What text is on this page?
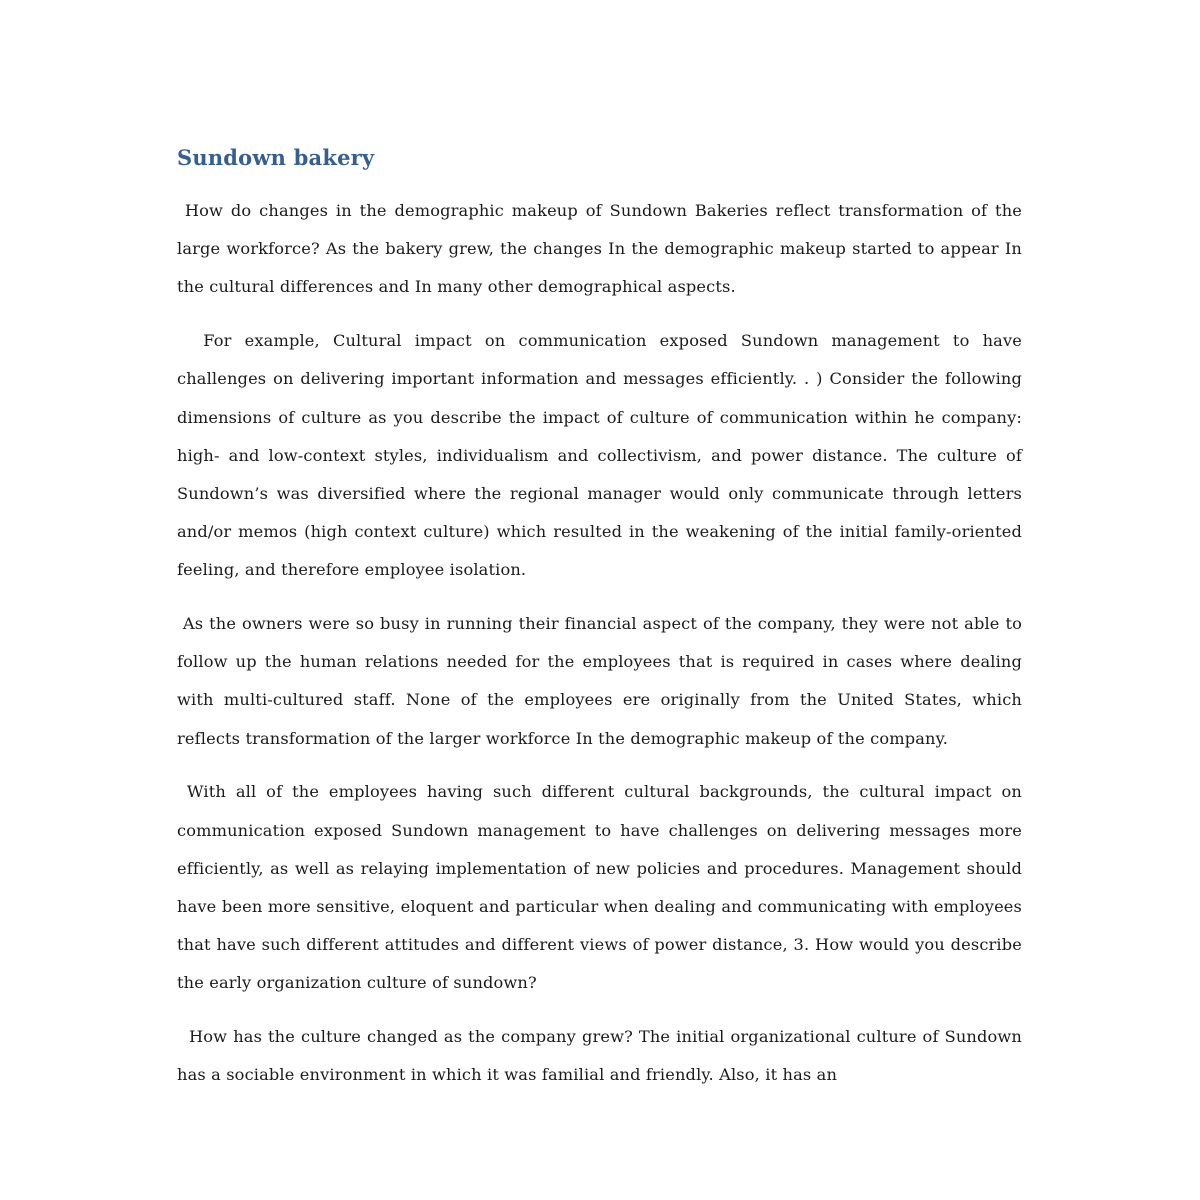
Sundown bakery

How do changes in the demographic makeup of Sundown Bakeries reflect transformation of the large workforce? As the bakery grew, the changes In the demographic makeup started to appear In the cultural differences and In many other demographical aspects.

For example, Cultural impact on communication exposed Sundown management to have challenges on delivering important information and messages efficiently. . ) Consider the following dimensions of culture as you describe the impact of culture of communication within he company: high- and low-context styles, individualism and collectivism, and power distance. The culture of Sundown’s was diversified where the regional manager would only communicate through letters and/or memos (high context culture) which resulted in the weakening of the initial family-oriented feeling, and therefore employee isolation.

As the owners were so busy in running their financial aspect of the company, they were not able to follow up the human relations needed for the employees that is required in cases where dealing with multi-cultured staff. None of the employees ere originally from the United States, which reflects transformation of the larger workforce In the demographic makeup of the company.

With all of the employees having such different cultural backgrounds, the cultural impact on communication exposed Sundown management to have challenges on delivering messages more efficiently, as well as relaying implementation of new policies and procedures. Management should have been more sensitive, eloquent and particular when dealing and communicating with employees that have such different attitudes and different views of power distance, 3. How would you describe the early organization culture of sundown?

How has the culture changed as the company grew? The initial organizational culture of Sundown has a sociable environment in which it was familial and friendly. Also, it has an
